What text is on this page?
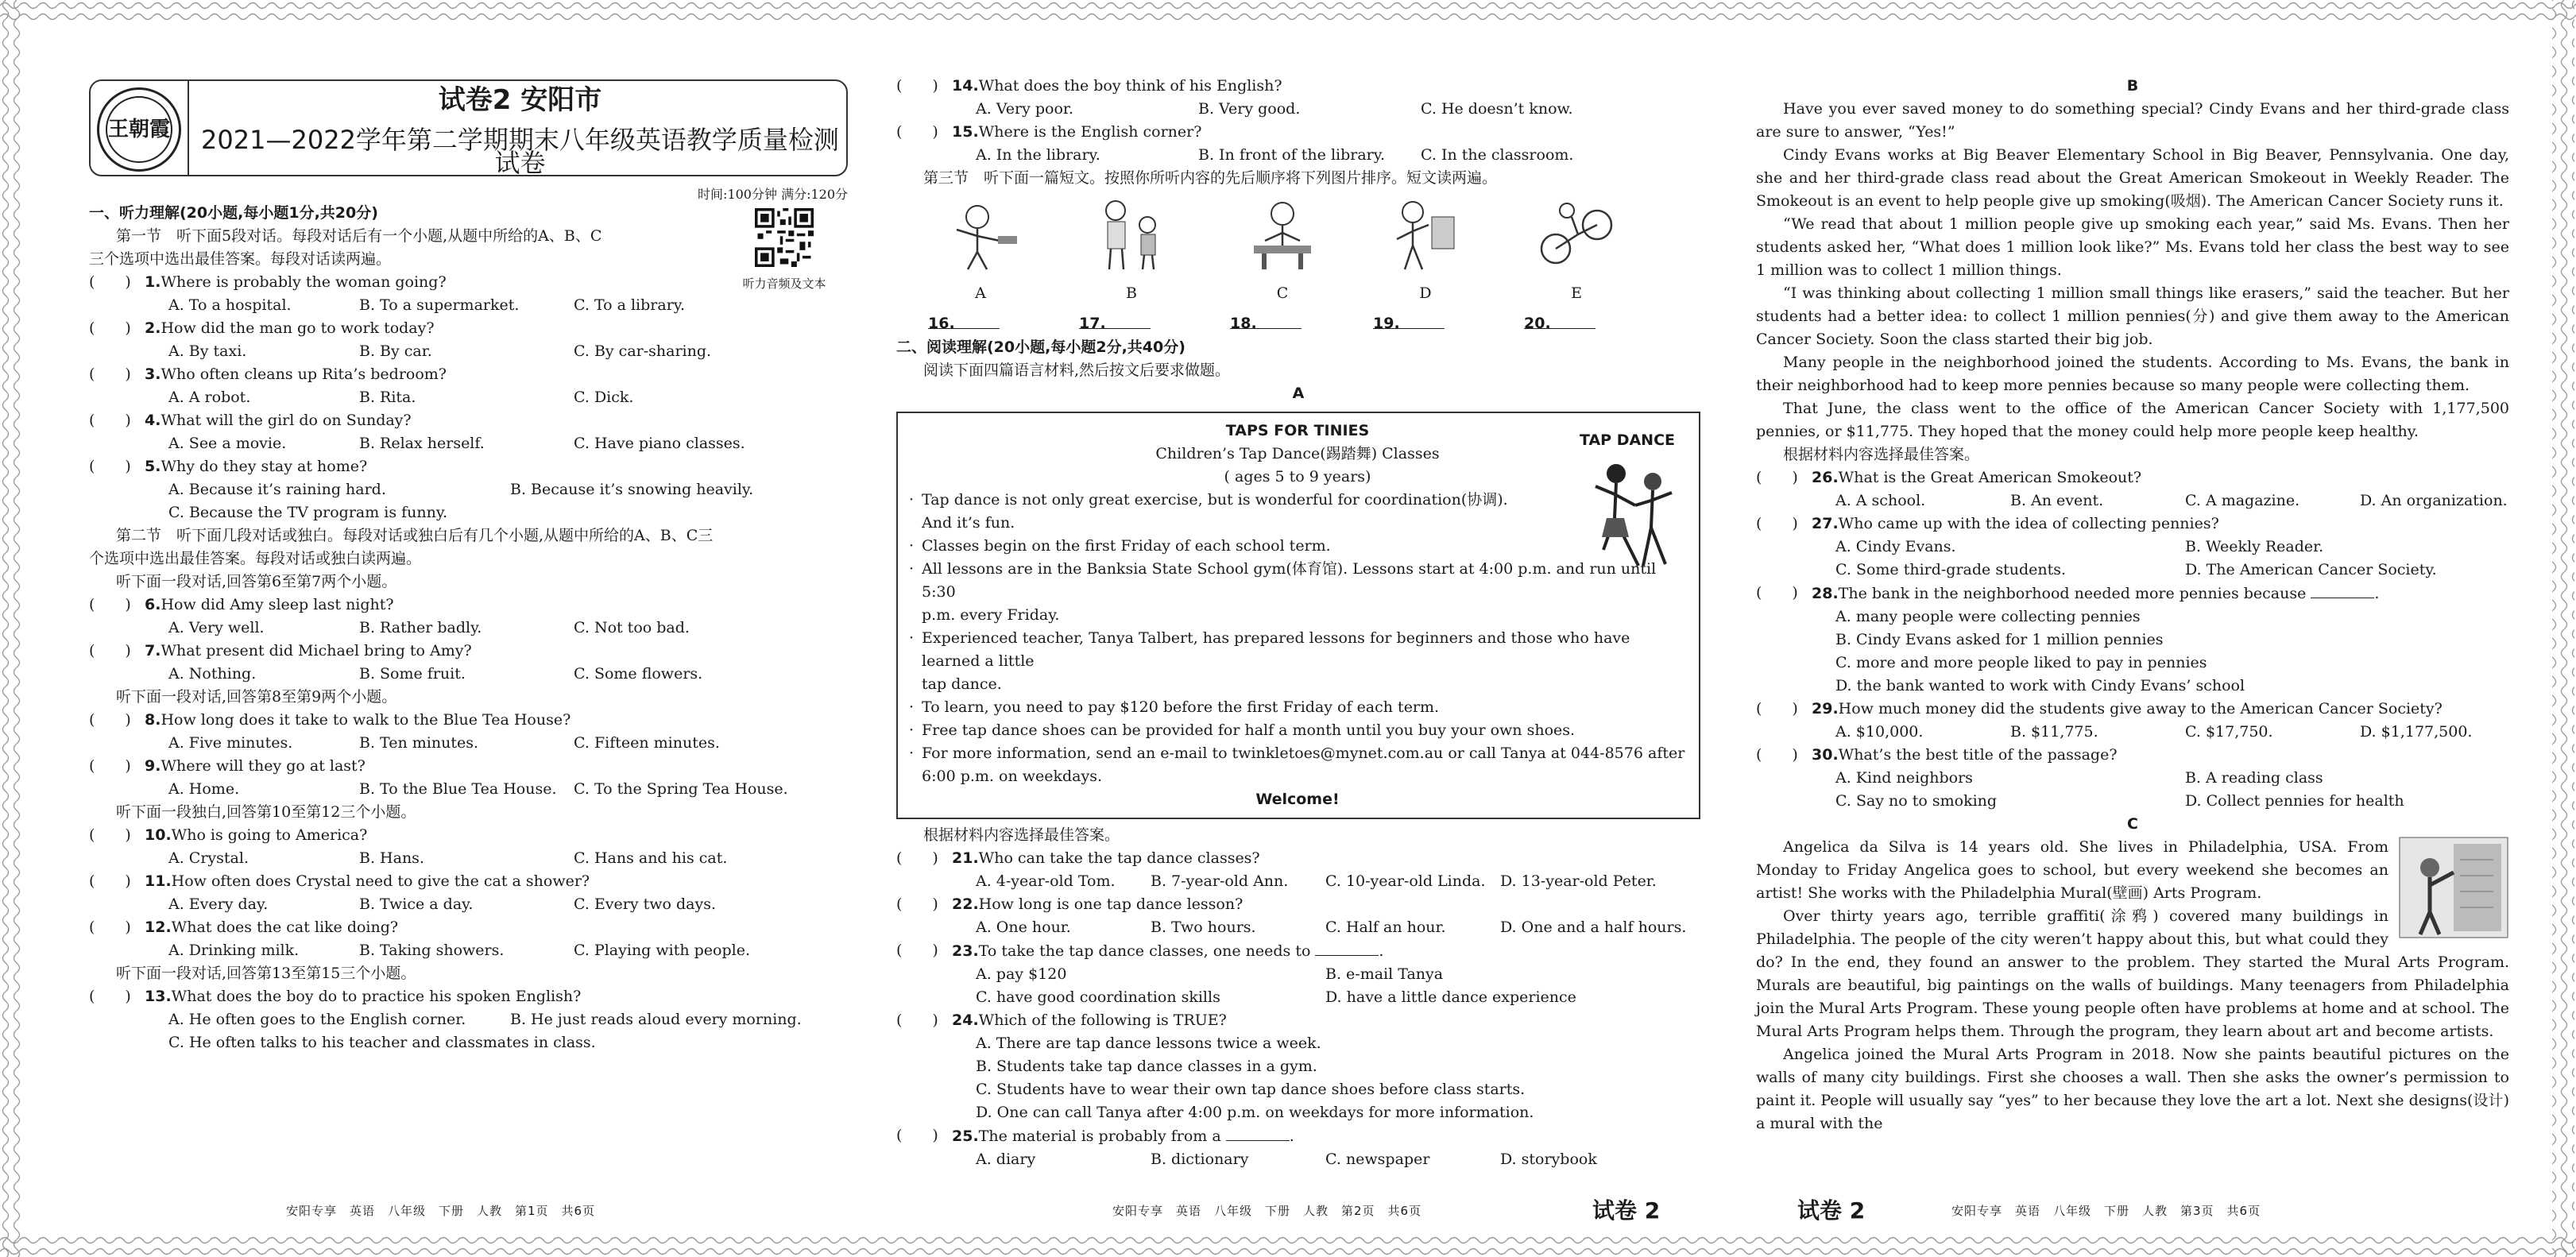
王朝霞
试卷2 安阳市
2021—2022学年第二学期期末八年级英语教学质量检测试卷
时间:100分钟 满分:120分
听力音频及文本

一、听力理解(20小题,每小题1分,共20分)

第一节　听下面5段对话。每段对话后有一个小题,从题中所给的A、B、C

三个选项中选出最佳答案。每段对话读两遍。

(　　) 1.Where is probably the woman going?
A. To a hospital.	B. To a supermarket.	C. To a library.
(　　) 2.How did the man go to work today?
A. By taxi.	B. By car.	C. By car-sharing.
(　　) 3.Who often cleans up Rita’s bedroom?
A. A robot.	B. Rita.	C. Dick.
(　　) 4.What will the girl do on Sunday?
A. See a movie.	B. Relax herself.	C. Have piano classes.
(　　) 5.Why do they stay at home?
A. Because it’s raining hard.	B. Because it’s snowing heavily.
C. Because the TV program is funny.

第二节　听下面几段对话或独白。每段对话或独白后有几个小题,从题中所给的A、B、C三

个选项中选出最佳答案。每段对话或独白读两遍。

听下面一段对话,回答第6至第7两个小题。

(　　) 6.How did Amy sleep last night?
A. Very well.	B. Rather badly.	C. Not too bad.
(　　) 7.What present did Michael bring to Amy?
A. Nothing.	B. Some fruit.	C. Some flowers.

听下面一段对话,回答第8至第9两个小题。

(　　) 8.How long does it take to walk to the Blue Tea House?
A. Five minutes.	B. Ten minutes.	C. Fifteen minutes.
(　　) 9.Where will they go at last?
A. Home.	B. To the Blue Tea House. C. To the Spring Tea House.

听下面一段独白,回答第10至第12三个小题。

(　　) 10.Who is going to America?
A. Crystal.	B. Hans.	C. Hans and his cat.
(　　) 11.How often does Crystal need to give the cat a shower?
A. Every day.	B. Twice a day.	C. Every two days.
(　　) 12.What does the cat like doing?
A. Drinking milk.	B. Taking showers.	C. Playing with people.

听下面一段对话,回答第13至第15三个小题。

(　　) 13.What does the boy do to practice his spoken English?
A. He often goes to the English corner.	B. He just reads aloud every morning.
C. He often talks to his teacher and classmates in class.
安阳专享　英语　八年级　下册　人教　第1页　共6页
(　　) 14.What does the boy think of his English?
A. Very poor.	B. Very good.	C. He doesn’t know.
(　　) 15.Where is the English corner?
A. In the library.	B. In front of the library. C. In the classroom.

第三节　听下面一篇短文。按照你所听内容的先后顺序将下列图片排序。短文读两遍。

A	B	C	D	E
16.	17.	18.	19.	20.

二、阅读理解(20小题,每小题2分,共40分)

阅读下面四篇语言材料,然后按文后要求做题。

A

TAPS FOR TINIES
Children’s Tap Dance(踢踏舞) Classes
( ages 5 to 9 years)
TAP DANCE
· Tap dance is not only great exercise, but is wonderful for coordination(协调).
And it’s fun.
· Classes begin on the first Friday of each school term.
· All lessons are in the Banksia State School gym(体育馆). Lessons start at 4:00 p.m. and run until 5:30
p.m. every Friday.
· Experienced teacher, Tanya Talbert, has prepared lessons for beginners and those who have learned a little
tap dance.
· To learn, you need to pay $120 before the first Friday of each term.
· Free tap dance shoes can be provided for half a month until you buy your own shoes.
· For more information, send an e-mail to twinkletoes@mynet.com.au or call Tanya at 044-8576 after
6:00 p.m. on weekdays.
Welcome!

根据材料内容选择最佳答案。

(　　) 21.Who can take the tap dance classes?
A. 4-year-old Tom. B. 7-year-old Ann. C. 10-year-old Linda. D. 13-year-old Peter.
(　　) 22.How long is one tap dance lesson?
A. One hour.	B. Two hours.	C. Half an hour.	D. One and a half hours.
(　　) 23.To take the tap dance classes, one needs to	.
A. pay $120	B. e-mail Tanya
C. have good coordination skills	D. have a little dance experience
(　　) 24.Which of the following is TRUE?
A. There are tap dance lessons twice a week.
B. Students take tap dance classes in a gym.
C. Students have to wear their own tap dance shoes before class starts.
D. One can call Tanya after 4:00 p.m. on weekdays for more information.
(　　) 25.The material is probably from a	.
A. diary	B. dictionary	C. newspaper	D. storybook
安阳专享　英语　八年级　下册　人教　第2页　共6页	试卷 2

B

Have you ever saved money to do something special? Cindy Evans and her third-grade class are sure to answer, “Yes!”

Cindy Evans works at Big Beaver Elementary School in Big Beaver, Pennsylvania. One day, she and her third-grade class read about the Great American Smokeout in Weekly Reader. The Smokeout is an event to help people give up smoking(吸烟). The American Cancer Society runs it.

“We read that about 1 million people give up smoking each year,” said Ms. Evans. Then her students asked her, “What does 1 million look like?” Ms. Evans told her class the best way to see 1 million was to collect 1 million things.

“I was thinking about collecting 1 million small things like erasers,” said the teacher. But her students had a better idea: to collect 1 million pennies(分) and give them away to the American Cancer Society. Soon the class started their big job.

Many people in the neighborhood joined the students. According to Ms. Evans, the bank in their neighborhood had to keep more pennies because so many people were collecting them.

That June, the class went to the office of the American Cancer Society with 1,177,500 pennies, or $11,775. They hoped that the money could help more people keep healthy.

根据材料内容选择最佳答案。

(　　) 26.What is the Great American Smokeout?
A. A school.	B. An event.	C. A magazine.	D. An organization.
(　　) 27.Who came up with the idea of collecting pennies?
A. Cindy Evans.	B. Weekly Reader.
C. Some third-grade students.	D. The American Cancer Society.
(　　) 28.The bank in the neighborhood needed more pennies because	.
A. many people were collecting pennies
B. Cindy Evans asked for 1 million pennies
C. more and more people liked to pay in pennies
D. the bank wanted to work with Cindy Evans’ school
(　　) 29.How much money did the students give away to the American Cancer Society?
A. $10,000.	B. $11,775.	C. $17,750.	D. $1,177,500.
(　　) 30.What’s the best title of the passage?
A. Kind neighbors	B. A reading class
C. Say no to smoking	D. Collect pennies for health

C

Angelica da Silva is 14 years old. She lives in Philadelphia, USA. From Monday to Friday Angelica goes to school, but every weekend she becomes an artist! She works with the Philadelphia Mural(壁画) Arts Program.

Over thirty years ago, terrible graffiti(涂鸦) covered many buildings in Philadelphia. The people of the city weren’t happy about this, but what could they do? In the end, they found an answer to the problem. They started the Mural Arts Program. Murals are beautiful, big paintings on the walls of buildings. Many teenagers from Philadelphia join the Mural Arts Program. These young people often have problems at home and at school. The Mural Arts Program helps them. Through the program, they learn about art and become artists.

Angelica joined the Mural Arts Program in 2018. Now she paints beautiful pictures on the walls of many city buildings. First she chooses a wall. Then she asks the owner’s permission to paint it. People will usually say “yes” to her because they love the art a lot. Next she designs(设计) a mural with the

试卷 2	安阳专享　英语　八年级　下册　人教　第3页　共6页
